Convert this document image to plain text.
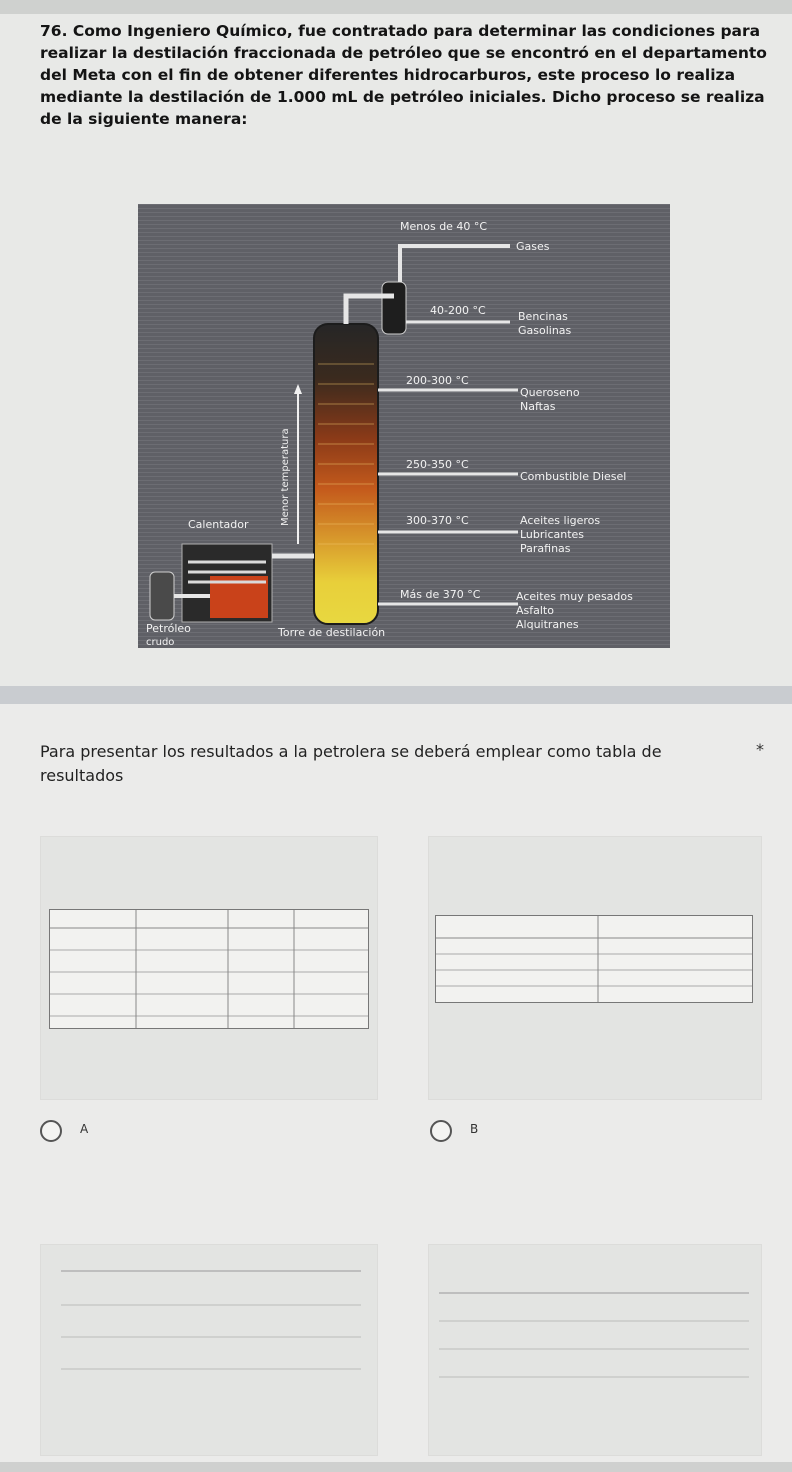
76. Como Ingeniero Químico, fue contratado para determinar las condiciones para realizar la destilación fraccionada de petróleo que se encontró en el departamento del Meta con el fin de obtener diferentes hidrocarburos, este proceso lo realiza mediante la destilación de 1.000 mL de petróleo iniciales. Dicho proceso se realiza de la siguiente manera:

Menor temperatura
Menos de 40 °C
Gases
40-200 °C	Bencinas
Gasolinas
200-300 °C
Queroseno
Naftas
250-350 °C
Combustible Diesel
300-370 °C	Aceites ligeros
Lubricantes
Parafinas
Más de 370 °C	Aceites muy pesados
Asfalto
Alquitranes
Calentador
Petróleo
crudo
Torre de destilación

Para presentar los resultados a la petrolera se deberá emplear como tabla de resultados

*
A	B
